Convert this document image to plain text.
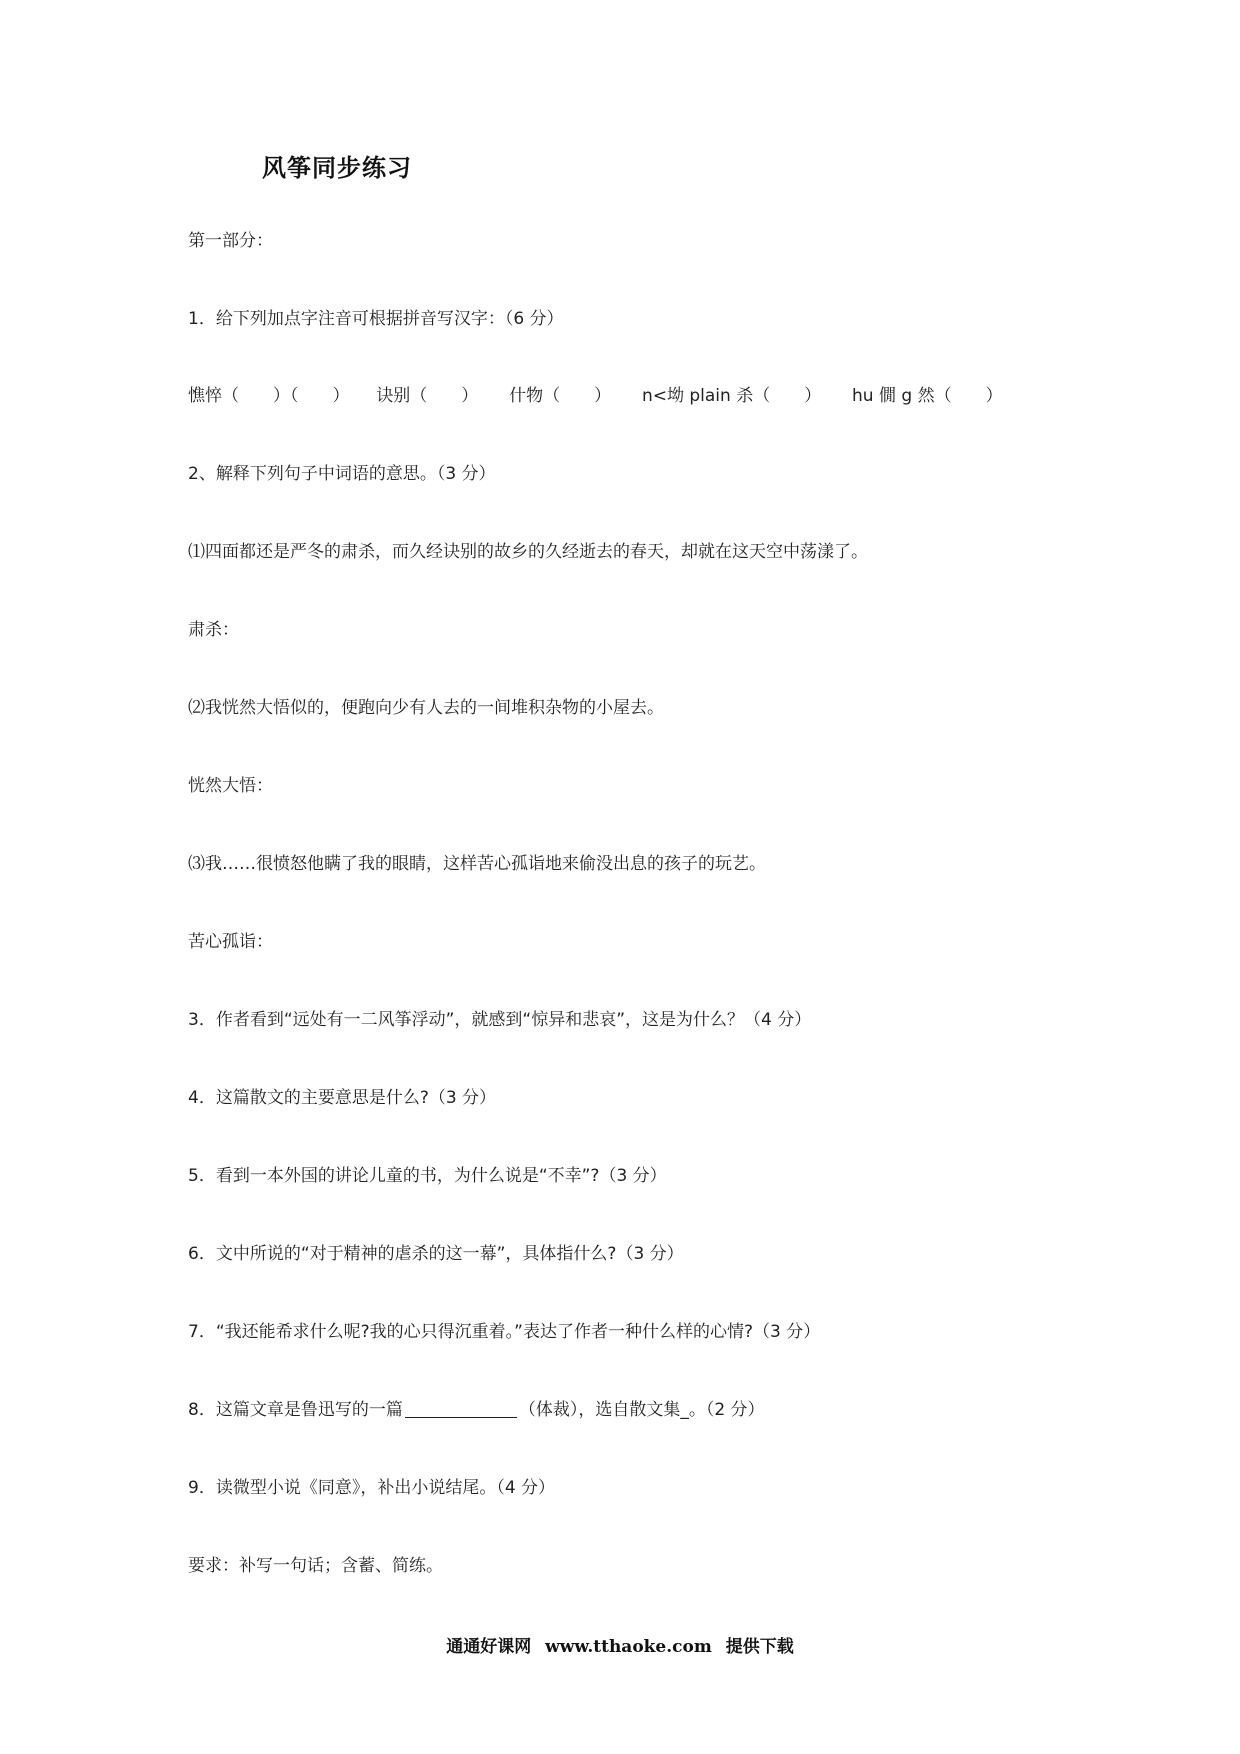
风筝同步练习
第一部分：
1．给下列加点字注音可根据拼音写汉字：（6 分）
憔悴（　　）（　　） 诀别（　　） 什物（　　） n<坳 plain 杀（　　） hu 僩 g 然（　　）
2、解释下列句子中词语的意思。（3 分）
⑴四面都还是严冬的肃杀，而久经诀别的故乡的久经逝去的春天，却就在这天空中荡漾了。
肃杀：
⑵我恍然大悟似的，便跑向少有人去的一间堆积杂物的小屋去。
恍然大悟：
⑶我……很愤怒他瞒了我的眼睛，这样苦心孤诣地来偷没出息的孩子的玩艺。
苦心孤诣：
3．作者看到“远处有一二风筝浮动”，就感到“惊异和悲哀”，这是为什么？（4 分）
4．这篇散文的主要意思是什么?（3 分）
5．看到一本外国的讲论儿童的书，为什么说是“不幸”?（3 分）
6．文中所说的“对于精神的虐杀的这一幕”，具体指什么?（3 分）
7．“我还能希求什么呢?我的心只得沉重着。”表达了作者一种什么样的心情?（3 分）
8．这篇文章是鲁迅写的一篇	（体裁），选自散文集_。（2 分）
9．读微型小说《同意》，补出小说结尾。（4 分）
要求：补写一句话；含蓄、简练。
通通好课网 www.tthaoke.com 提供下载
